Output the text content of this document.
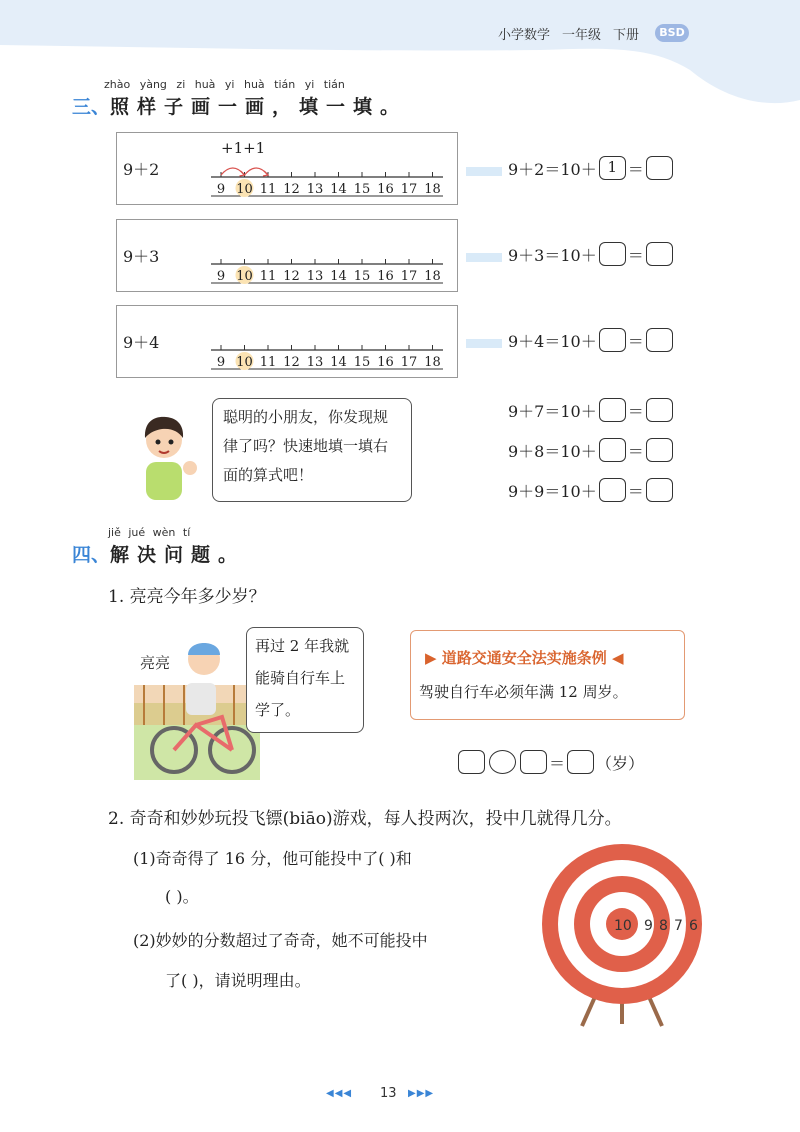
小学数学 一年级 下册	BSD
zhào yàng zi huà yi huà tián yi tián
三、照样子画一画，填一填。
9＋2
+1+1
9 10 11 12 13 14 15 16 17 18
9＋2＝10＋ 1 ＝
9＋3
9 10 11 12 13 14 15 16 17 18
9＋3＝10＋ ＝
9＋4
9 10 11 12 13 14 15 16 17 18
9＋4＝10＋ ＝
聪明的小朋友，你发现规律了吗？快速地填一填右面的算式吧！
9＋7＝10＋ ＝
9＋8＝10＋ ＝
9＋9＝10＋ ＝
jiě jué wèn tí
四、解决问题。
1. 亮亮今年多少岁？
亮亮
再过 2 年我就能骑自行车上学了。
▶ 道路交通安全法实施条例 ◀
驾驶自行车必须年满 12 周岁。
＝ （岁）
2. 奇奇和妙妙玩投飞镖(biāo)游戏，每人投两次，投中几就得几分。
(1)奇奇得了 16 分，他可能投中了( )和
( )。
(2)妙妙的分数超过了奇奇，她不可能投中
了( )，请说明理由。
10 9 8 7 6
◀◀◀ 13 ▶▶▶
